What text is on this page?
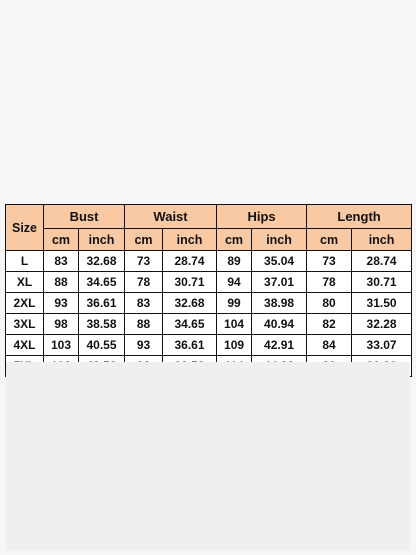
Size	Bust		Waist		Hips		Length	
	cm	inch	cm	inch	cm	inch	cm	inch
L	83	32.68	73	28.74	89	35.04	73	28.74
XL	88	34.65	78	30.71	94	37.01	78	30.71
2XL	93	36.61	83	32.68	99	38.98	80	31.50
3XL	98	38.58	88	34.65	104	40.94	82	32.28
4XL	103	40.55	93	36.61	109	42.91	84	33.07
